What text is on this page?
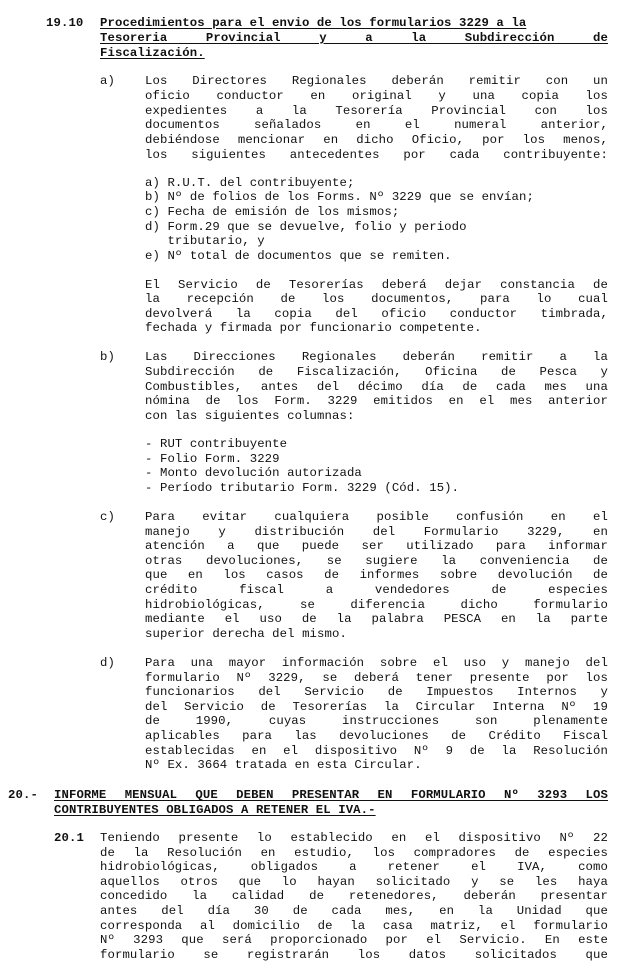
19.10 Procedimientos para el envio de los formularios 3229 a la
Tesoreria Provincial y a la Subdirección de
Fiscalización.
a) Los Directores Regionales deberán remitir con un
oficio conductor en original y una copia los
expedientes a la Tesorería Provincial con los
documentos señalados en el numeral anterior,
debiéndose mencionar en dicho Oficio, por los menos,
los siguientes antecedentes por cada contribuyente:
a) R.U.T. del contribuyente;
b) Nº de folios de los Forms. Nº 3229 que se envían;
c) Fecha de emisión de los mismos;
d) Form.29 que se devuelve, folio y periodo
tributario, y
e) Nº total de documentos que se remiten.
El Servicio de Tesorerías deberá dejar constancia de
la recepción de los documentos, para lo cual
devolverá la copia del oficio conductor timbrada,
fechada y firmada por funcionario competente.
b) Las Direcciones Regionales deberán remitir a la
Subdirección de Fiscalización, Oficina de Pesca y
Combustibles, antes del décimo día de cada mes una
nómina de los Form. 3229 emitidos en el mes anterior
con las siguientes columnas:
- RUT contribuyente
- Folio Form. 3229
- Monto devolución autorizada
- Período tributario Form. 3229 (Cód. 15).
c) Para evitar cualquiera posible confusión en el
manejo y distribución del Formulario 3229, en
atención a que puede ser utilizado para informar
otras devoluciones, se sugiere la conveniencia de
que en los casos de informes sobre devolución de
crédito fiscal a vendedores de especies
hidrobiológicas, se diferencia dicho formulario
mediante el uso de la palabra PESCA en la parte
superior derecha del mismo.
d) Para una mayor información sobre el uso y manejo del
formulario Nº 3229, se deberá tener presente por los
funcionarios del Servicio de Impuestos Internos y
del Servicio de Tesorerías la Circular Interna Nº 19
de 1990, cuyas instrucciones son plenamente
aplicables para las devoluciones de Crédito Fiscal
establecidas en el dispositivo Nº 9 de la Resolución
Nº Ex. 3664 tratada en esta Circular.
20.- INFORME MENSUAL QUE DEBEN PRESENTAR EN FORMULARIO Nº 3293 LOS
CONTRIBUYENTES OBLIGADOS A RETENER EL IVA.-
20.1 Teniendo presente lo establecido en el dispositivo Nº 22
de la Resolución en estudio, los compradores de especies
hidrobiológicas, obligados a retener el IVA, como
aquellos otros que lo hayan solicitado y se les haya
concedido la calidad de retenedores, deberán presentar
antes del día 30 de cada mes, en la Unidad que
corresponda al domicilio de la casa matriz, el formulario
Nº 3293 que será proporcionado por el Servicio. En este
formulario se registrarán los datos solicitados que
